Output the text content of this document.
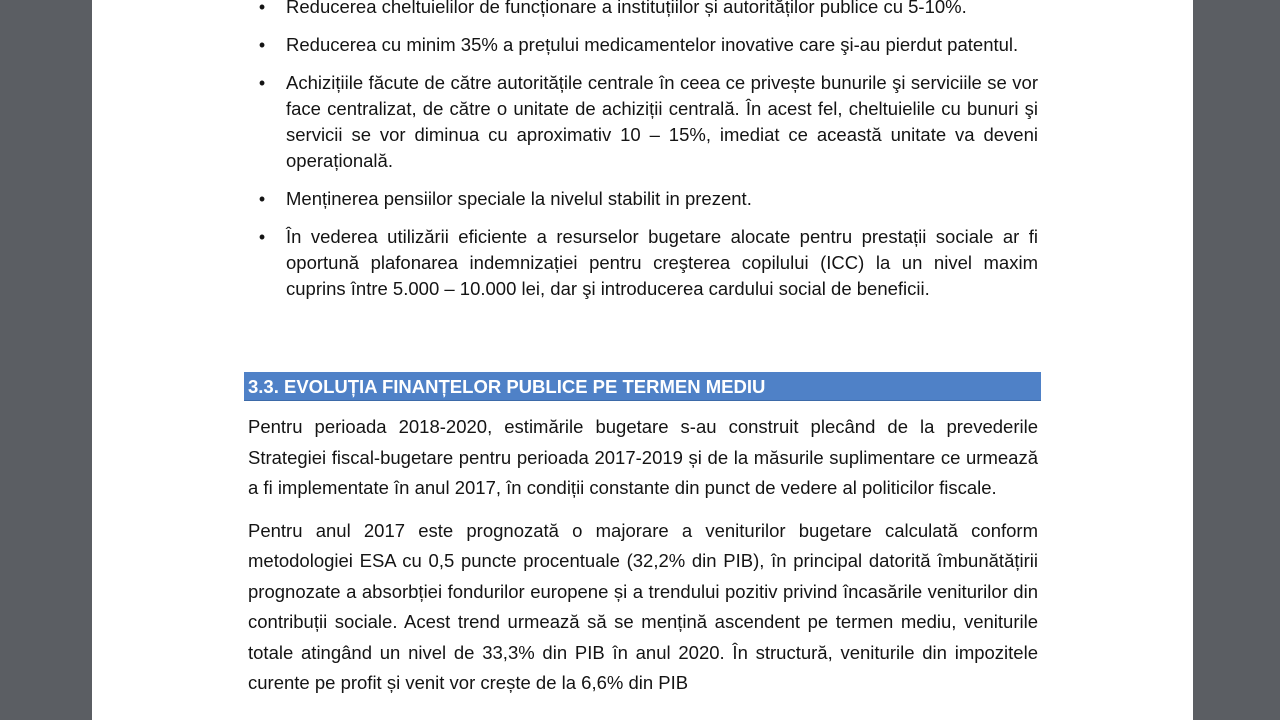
• Reducerea cheltuielilor de funcționare a instituțiilor și autorităților publice cu 5-10%.
• Reducerea cu minim 35% a prețului medicamentelor inovative care şi-au pierdut patentul.
• Achizițiile făcute de către autoritățile centrale în ceea ce privește bunurile şi serviciile se vor face centralizat, de către o unitate de achiziții centrală. În acest fel, cheltuielile cu bunuri şi servicii se vor diminua cu aproximativ 10 – 15%, imediat ce această unitate va deveni operațională.
• Menținerea pensiilor speciale la nivelul stabilit in prezent.
• În vederea utilizării eficiente a resurselor bugetare alocate pentru prestații sociale ar fi oportună plafonarea indemnizației pentru creşterea copilului (ICC) la un nivel maxim cuprins între 5.000 – 10.000 lei, dar şi introducerea cardului social de beneficii.
3.3. EVOLUȚIA FINANȚELOR PUBLICE PE TERMEN MEDIU

Pentru perioada 2018-2020, estimările bugetare s-au construit plecând de la prevederile Strategiei fiscal-bugetare pentru perioada 2017-2019 și de la măsurile suplimentare ce urmează a fi implementate în anul 2017, în condiții constante din punct de vedere al politicilor fiscale.

Pentru anul 2017 este prognozată o majorare a veniturilor bugetare calculată conform metodologiei ESA cu 0,5 puncte procentuale (32,2% din PIB), în principal datorită îmbunătățirii prognozate a absorbției fondurilor europene și a trendului pozitiv privind încasările veniturilor din contribuții sociale. Acest trend urmează să se mențină ascendent pe termen mediu, veniturile totale atingând un nivel de 33,3% din PIB în anul 2020. În structură, veniturile din impozitele curente pe profit și venit vor crește de la 6,6% din PIB
